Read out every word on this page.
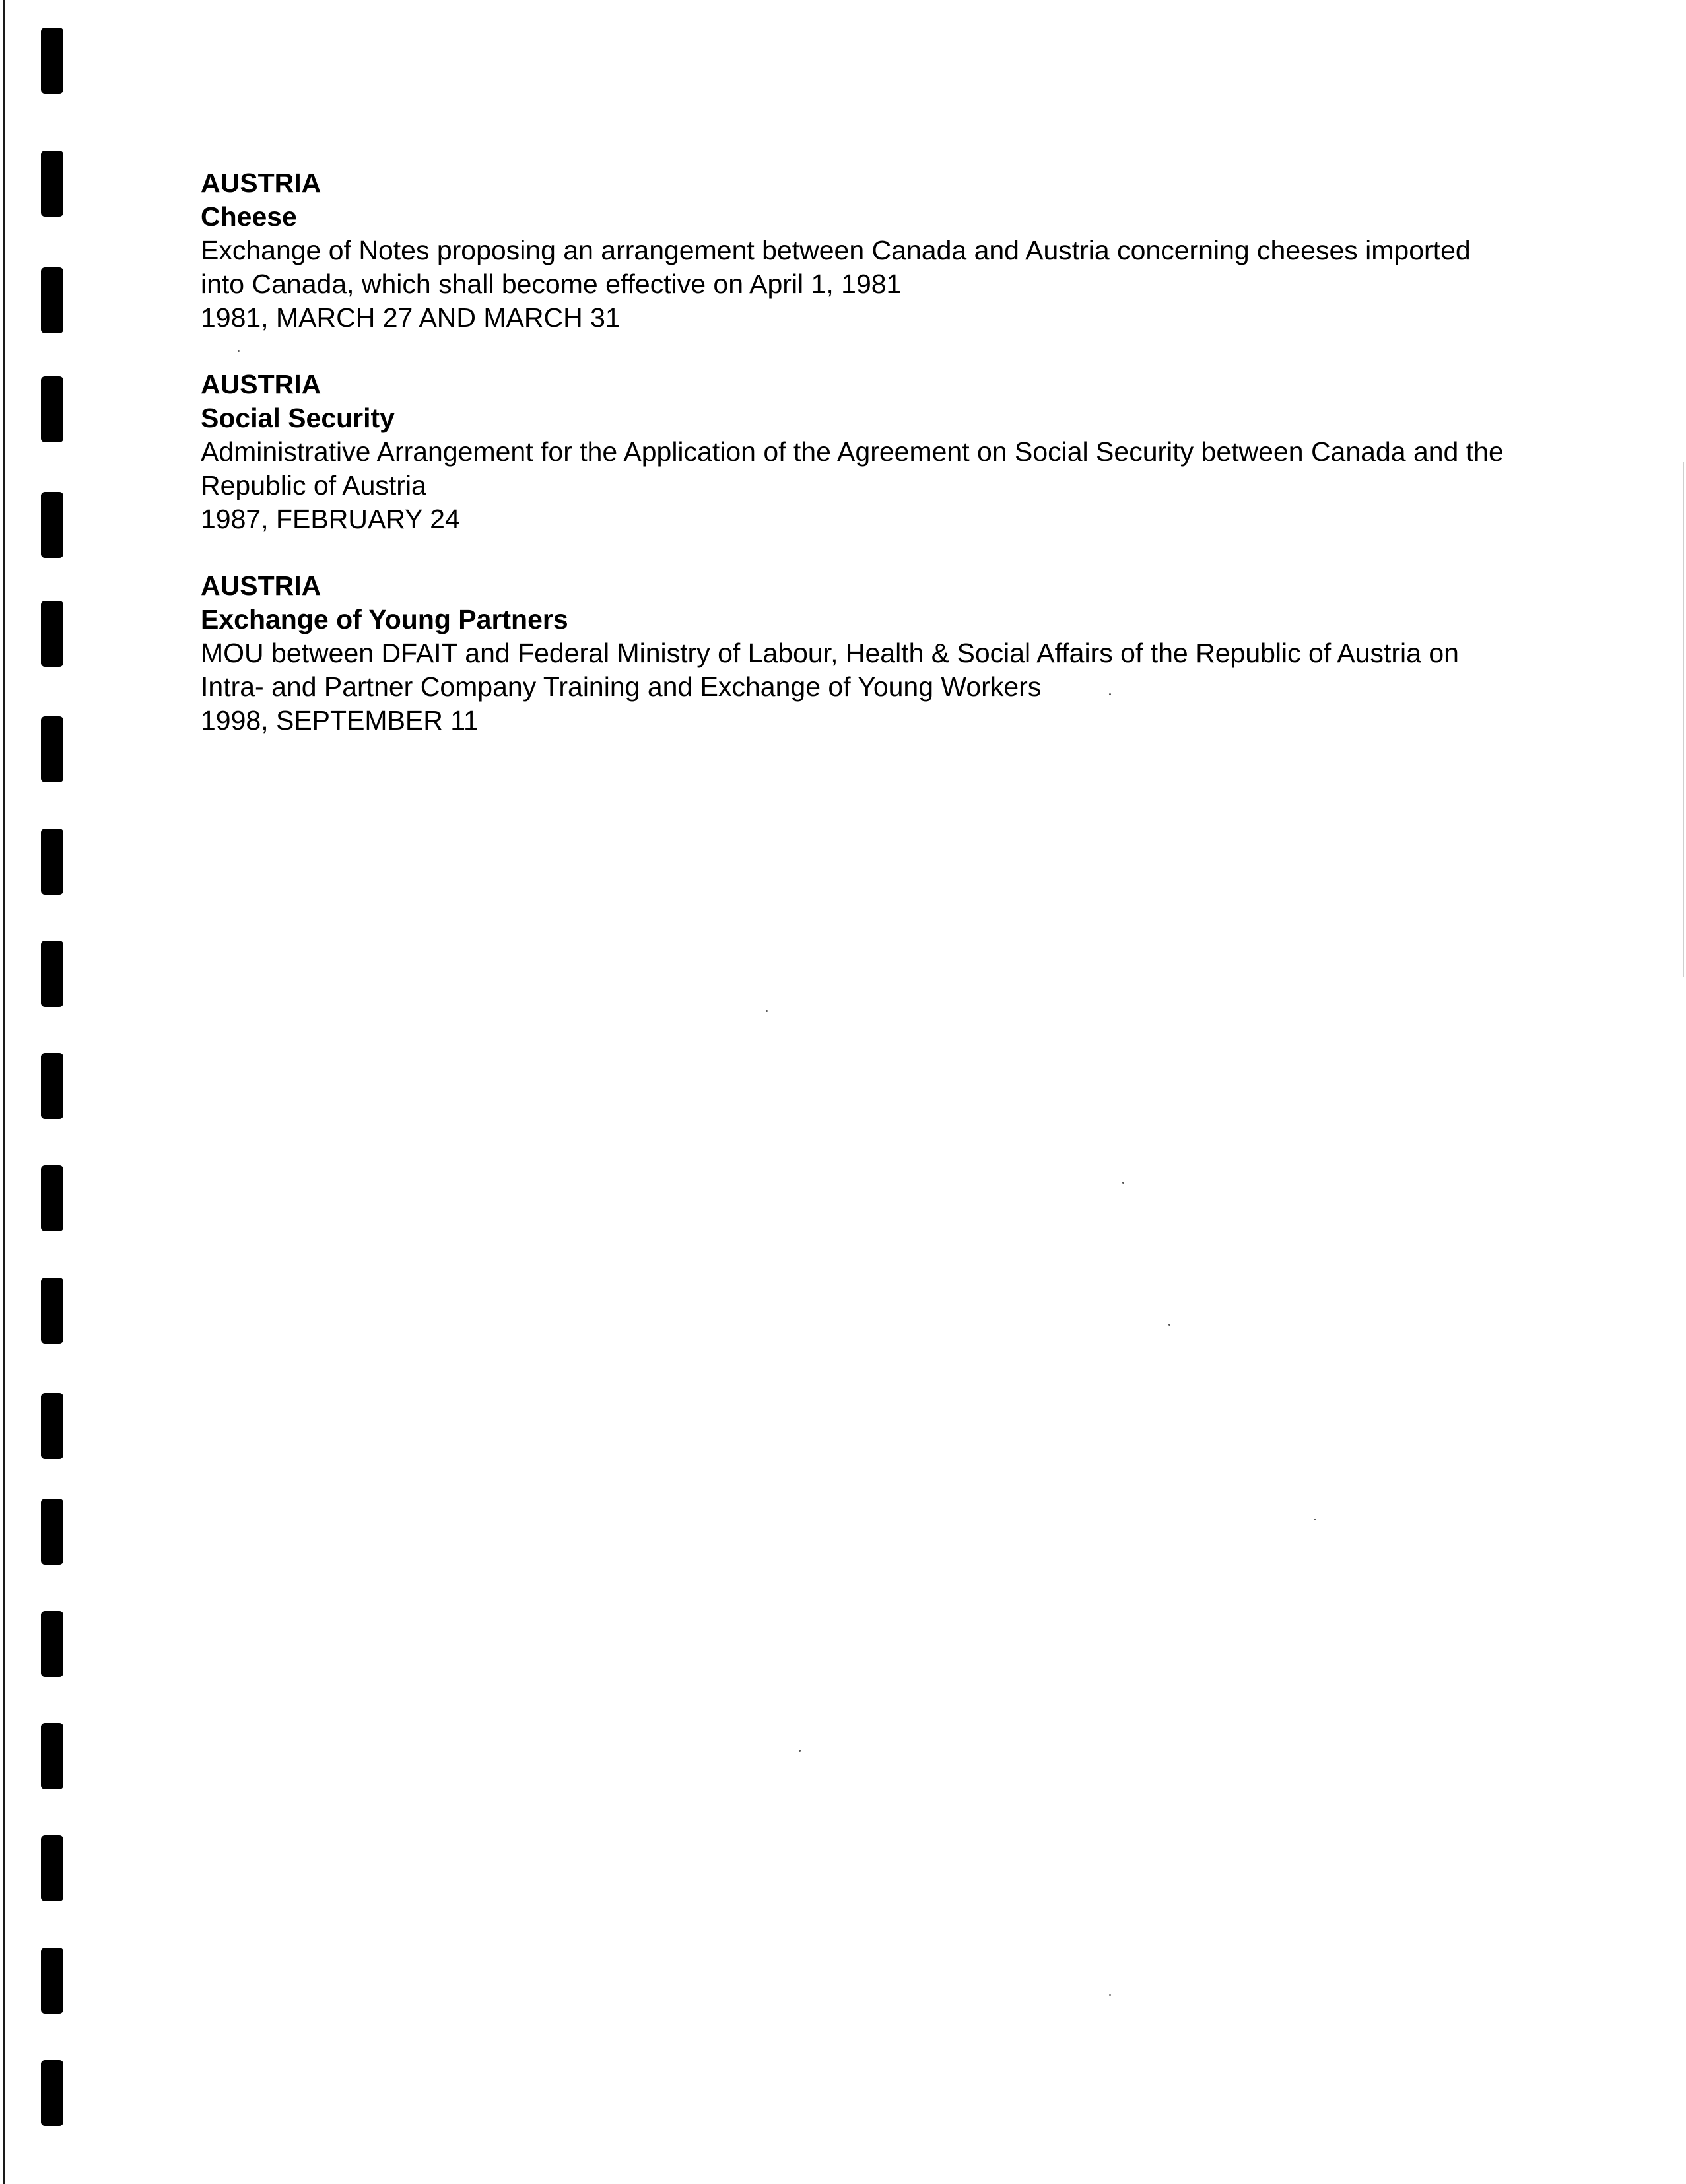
AUSTRIA
Cheese
Exchange of Notes proposing an arrangement between Canada and Austria concerning cheeses imported into Canada, which shall become effective on April 1, 1981
1981, MARCH 27 AND MARCH 31
AUSTRIA
Social Security
Administrative Arrangement for the Application of the Agreement on Social Security between Canada and the Republic of Austria
1987, FEBRUARY 24
AUSTRIA
Exchange of Young Partners
MOU between DFAIT and Federal Ministry of Labour, Health & Social Affairs of the Republic of Austria on Intra- and Partner Company Training and Exchange of Young Workers
1998, SEPTEMBER 11
